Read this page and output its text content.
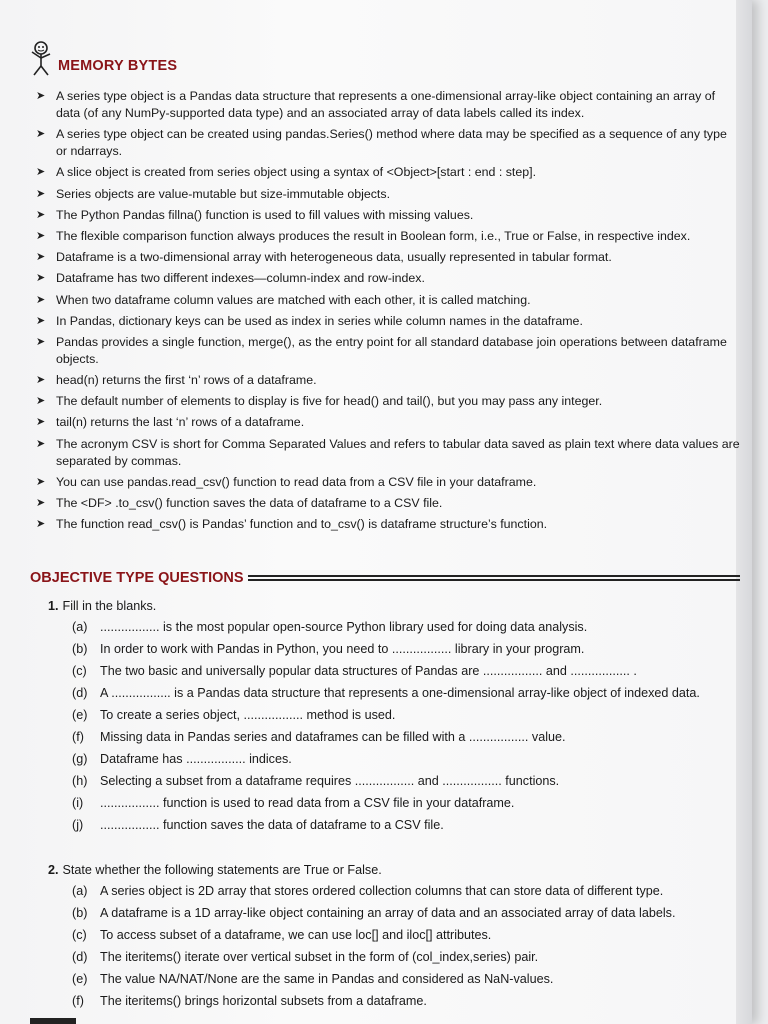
MEMORY BYTES
➤ A series type object is a Pandas data structure that represents a one-dimensional array-like object containing an array of data (of any NumPy-supported data type) and an associated array of data labels called its index.
➤ A series type object can be created using pandas.Series() method where data may be specified as a sequence of any type or ndarrays.
➤ A slice object is created from series object using a syntax of <Object>[start : end : step].
➤ Series objects are value-mutable but size-immutable objects.
➤ The Python Pandas fillna() function is used to fill values with missing values.
➤ The flexible comparison function always produces the result in Boolean form, i.e., True or False, in respective index.
➤ Dataframe is a two-dimensional array with heterogeneous data, usually represented in tabular format.
➤ Dataframe has two different indexes—column-index and row-index.
➤ When two dataframe column values are matched with each other, it is called matching.
➤ In Pandas, dictionary keys can be used as index in series while column names in the dataframe.
➤ Pandas provides a single function, merge(), as the entry point for all standard database join operations between dataframe objects.
➤ head(n) returns the first ‘n’ rows of a dataframe.
➤ The default number of elements to display is five for head() and tail(), but you may pass any integer.
➤ tail(n) returns the last ‘n’ rows of a dataframe.
➤ The acronym CSV is short for Comma Separated Values and refers to tabular data saved as plain text where data values are separated by commas.
➤ You can use pandas.read_csv() function to read data from a CSV file in your dataframe.
➤ The <DF> .to_csv() function saves the data of dataframe to a CSV file.
➤ The function read_csv() is Pandas’ function and to_csv() is dataframe structure’s function.
OBJECTIVE TYPE QUESTIONS
1. Fill in the blanks.
(a) ................. is the most popular open-source Python library used for doing data analysis.
(b) In order to work with Pandas in Python, you need to ................. library in your program.
(c) The two basic and universally popular data structures of Pandas are ................. and ................. .
(d) A ................. is a Pandas data structure that represents a one-dimensional array-like object of indexed data.
(e) To create a series object, ................. method is used.
(f) Missing data in Pandas series and dataframes can be filled with a ................. value.
(g) Dataframe has ................. indices.
(h) Selecting a subset from a dataframe requires ................. and ................. functions.
(i) ................. function is used to read data from a CSV file in your dataframe.
(j) ................. function saves the data of dataframe to a CSV file.
2. State whether the following statements are True or False.
(a) A series object is 2D array that stores ordered collection columns that can store data of different type.
(b) A dataframe is a 1D array-like object containing an array of data and an associated array of data labels.
(c) To access subset of a dataframe, we can use loc[] and iloc[] attributes.
(d) The iteritems() iterate over vertical subset in the form of (col_index,series) pair.
(e) The value NA/NAT/None are the same in Pandas and considered as NaN-values.
(f) The iteritems() brings horizontal subsets from a dataframe.
